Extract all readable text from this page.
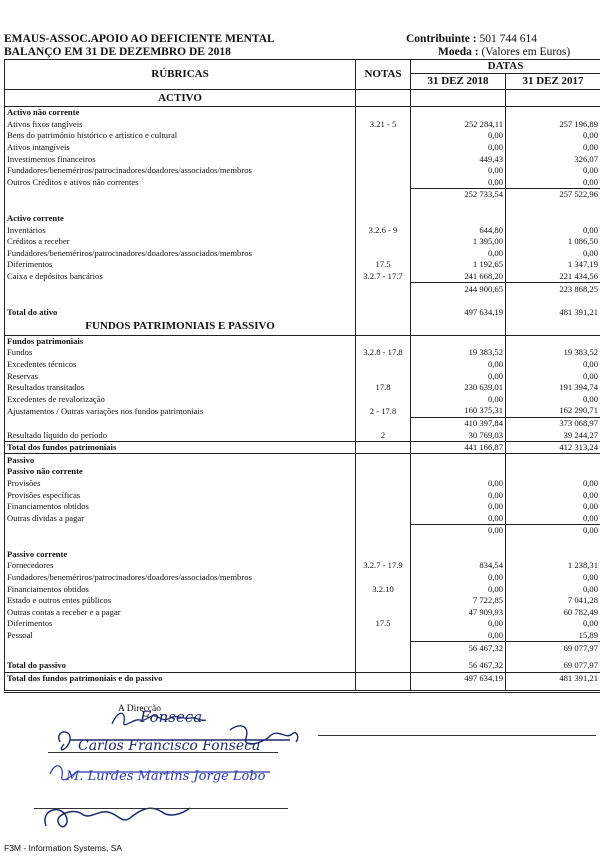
EMAUS-ASSOC.APOIO AO DEFICIENTE MENTAL
BALANÇO EM 31 DE DEZEMBRO DE 2018
Contribuinte : 501 744 614
Moeda : (Valores em Euros)
RÚBRICAS	NOTAS	DATAS	
		31 DEZ 2018	31 DEZ 2017
ACTIVO			
Activo não corrente			
Ativos fixos tangíveis	3.21 - 5	252 284,11	257 196,89
Bens do património histórico e artístico e cultural		0,00	0,00
Ativos intangíveis		0,00	0,00
Investimentos financeiros		449,43	326,07
Fundadores/benemériros/patrocinadores/doadores/associados/membros		0,00	0,00
Outros Créditos e ativos não correntes		0,00	0,00
		252 733,54	257 522,96

Activo corrente			
Inventários	3.2.6 - 9	644,80	0,00
Créditos a receber		1 395,00	1 086,50
Fundadores/benemériros/patrocinadores/doadores/associados/membros		0,00	0,00
Diferimentos	17.5	1 192,65	1 347,19
Caixa e depósitos bancários	3.2.7 - 17.7	241 668,20	221 434,56
		244 900,65	223 868,25

Total do ativo		497 634,19	481 391,21
FUNDOS PATRIMONIAIS E PASSIVO			
Fundos patrimoniais			
Fundos	3.2.8 - 17.8	19 383,52	19 383,52
Excedentes técnicos		0,00	0,00
Reservas		0,00	0,00
Resultados transitados	17.8	230 639,01	191 394,74
Excedentes de revalorização		0,00	0,00
Ajustamentos / Outras variações nos fundos patrimoniais	2 - 17.8	160 375,31	162 290,71
		410 397,84	373 068,97
Resultado líquido do período	2	30 769,03	39 244,27
Total dos fundos patrimoniais		441 166,87	412 313,24
Passivo			
Passivo não corrente			
Provisões		0,00	0,00
Provisões específicas		0,00	0,00
Financiamentos obtidos		0,00	0,00
Outras dívidas a pagar		0,00	0,00
		0,00	0,00

Passivo corrente			
Fornecedores	3.2.7 - 17.9	834,54	1 238,31
Fundadores/benemériros/patrocinadores/doadores/associados/membros		0,00	0,00
Financiamentos obtidos	3.2.10	0,00	0,00
Estado e outros entes públicos		7 722,85	7 041,28
Outras contas a receber e a pagar		47 909,93	60 782,49
Diferimentos	17.5	0,00	0,00
Pessoal		0,00	15,89
		56 467,32	69 077,97

Total do passivo		56 467,32	69 077,97
Total dos fundos patrimoniais e do passivo		497 634,19	481 391,21

A Direcção
Fonseca
Carlos Francisco Fonseca
M. Lurdes Martins Jorge Lobo
F3M - Information Systems, SA
